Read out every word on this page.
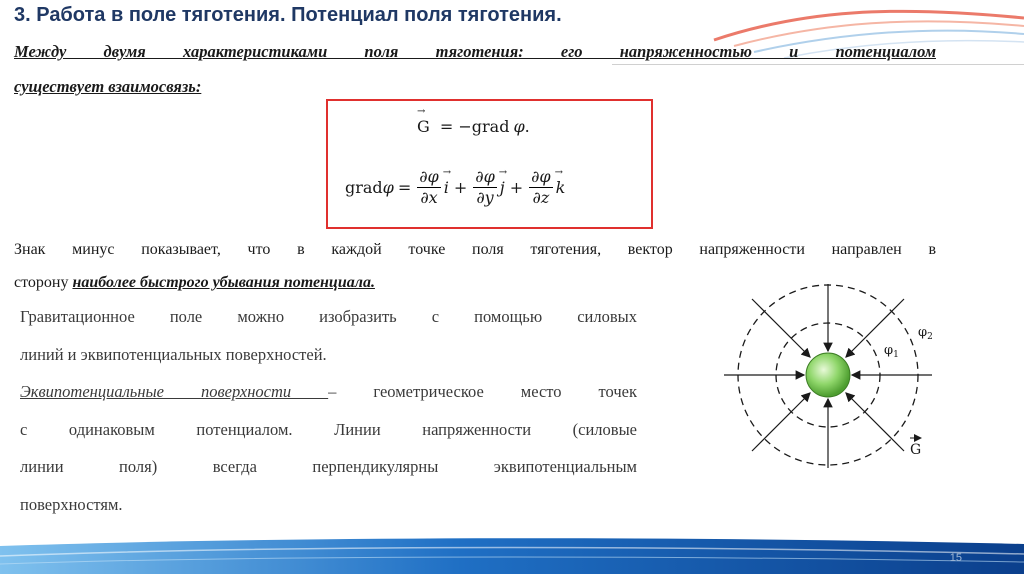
3. Работа в поле тяготения. Потенциал поля тяготения.
Между двумя характеристиками поля тяготения: его напряженностью и потенциалом
существует взаимосвязь:
→ G = −grad φ.
grad $\varphi = \frac{\partial\varphi}{\partial x}$
→ $i + \frac{\partial\varphi}{\partial y}$
→ $j + \frac{\partial\varphi}{\partial z}$
→ k
Знак минус показывает, что в каждой точке поля тяготения, вектор напряженности направлен в
сторону наиболее быстрого убывания потенциала.
Гравитационное поле можно изобразить с помощью силовых
линий и эквипотенциальных поверхностей.
Эквипотенциальные поверхности – геометрическое место точек
с одинаковым потенциалом. Линии напряженности (силовые
линии поля) всегда перпендикулярны эквипотенциальным
поверхностям.
$\varphi_1$
$\varphi_2$
G
15
